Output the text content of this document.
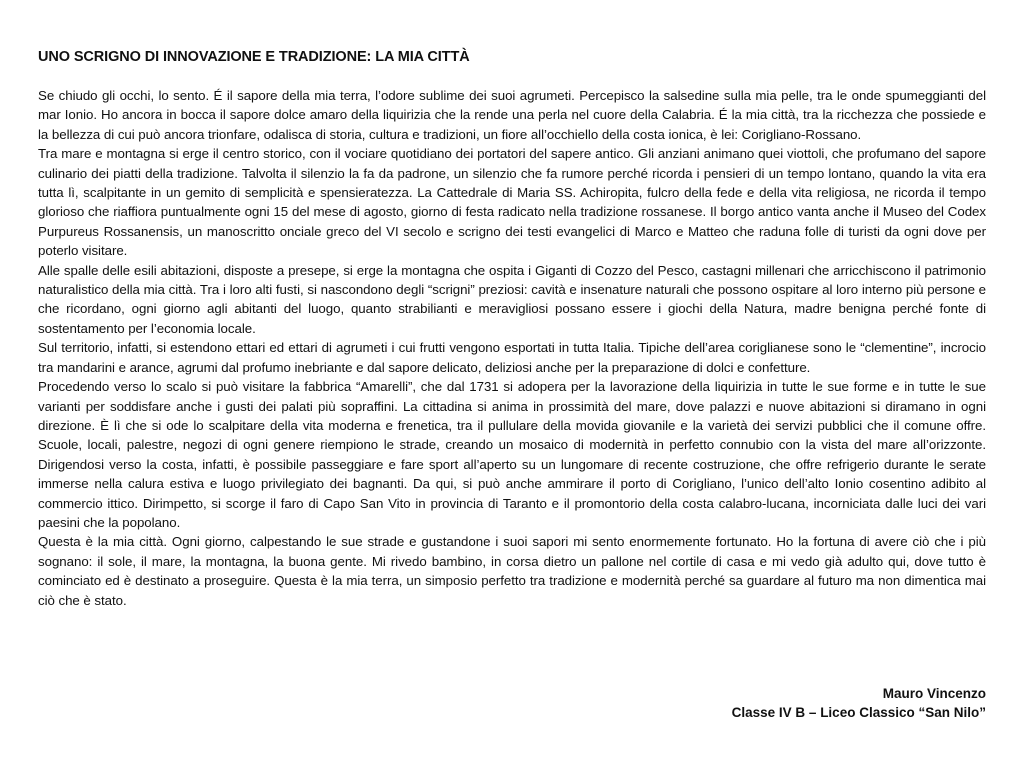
UNO SCRIGNO DI INNOVAZIONE E TRADIZIONE: LA MIA CITTÀ

Se chiudo gli occhi, lo sento. É il sapore della mia terra, l’odore sublime dei suoi agrumeti. Percepisco la salsedine sulla mia pelle, tra le onde spumeggianti del mar Ionio. Ho ancora in bocca il sapore dolce amaro della liquirizia che la rende una perla nel cuore della Calabria. É la mia città, tra la ricchezza che possiede e la bellezza di cui può ancora trionfare, odalisca di storia, cultura e tradizioni, un fiore all’occhiello della costa ionica, è lei: Corigliano-Rossano.

Tra mare e montagna si erge il centro storico, con il vociare quotidiano dei portatori del sapere antico. Gli anziani animano quei viottoli, che profumano del sapore culinario dei piatti della tradizione. Talvolta il silenzio la fa da padrone, un silenzio che fa rumore perché ricorda i pensieri di un tempo lontano, quando la vita era tutta lì, scalpitante in un gemito di semplicità e spensieratezza. La Cattedrale di Maria SS. Achiropita, fulcro della fede e della vita religiosa, ne ricorda il tempo glorioso che riaffiora puntualmente ogni 15 del mese di agosto, giorno di festa radicato nella tradizione rossanese. Il borgo antico vanta anche il Museo del Codex Purpureus Rossanensis, un manoscritto onciale greco del VI secolo e scrigno dei testi evangelici di Marco e Matteo che raduna folle di turisti da ogni dove per poterlo visitare.

Alle spalle delle esili abitazioni, disposte a presepe, si erge la montagna che ospita i Giganti di Cozzo del Pesco, castagni millenari che arricchiscono il patrimonio naturalistico della mia città. Tra i loro alti fusti, si nascondono degli “scrigni” preziosi: cavità e insenature naturali che possono ospitare al loro interno più persone e che ricordano, ogni giorno agli abitanti del luogo, quanto strabilianti e meravigliosi possano essere i giochi della Natura, madre benigna perché fonte di sostentamento per l’economia locale.

Sul territorio, infatti, si estendono ettari ed ettari di agrumeti i cui frutti vengono esportati in tutta Italia. Tipiche dell’area coriglianese sono le “clementine”, incrocio tra mandarini e arance, agrumi dal profumo inebriante e dal sapore delicato, deliziosi anche per la preparazione di dolci e confetture.

Procedendo verso lo scalo si può visitare la fabbrica “Amarelli”, che dal 1731 si adopera per la lavorazione della liquirizia in tutte le sue forme e in tutte le sue varianti per soddisfare anche i gusti dei palati più sopraffini. La cittadina si anima in prossimità del mare, dove palazzi e nuove abitazioni si diramano in ogni direzione. È lì che si ode lo scalpitare della vita moderna e frenetica, tra il pullulare della movida giovanile e la varietà dei servizi pubblici che il comune offre. Scuole, locali, palestre, negozi di ogni genere riempiono le strade, creando un mosaico di modernità in perfetto connubio con la vista del mare all’orizzonte. Dirigendosi verso la costa, infatti, è possibile passeggiare e fare sport all’aperto su un lungomare di recente costruzione, che offre refrigerio durante le serate immerse nella calura estiva e luogo privilegiato dei bagnanti. Da qui, si può anche ammirare il porto di Corigliano, l’unico dell’alto Ionio cosentino adibito al commercio ittico. Dirimpetto, si scorge il faro di Capo San Vito in provincia di Taranto e il promontorio della costa calabro-lucana, incorniciata dalle luci dei vari paesini che la popolano.

Questa è la mia città. Ogni giorno, calpestando le sue strade e gustandone i suoi sapori mi sento enormemente fortunato. Ho la fortuna di avere ciò che i più sognano: il sole, il mare, la montagna, la buona gente. Mi rivedo bambino, in corsa dietro un pallone nel cortile di casa e mi vedo già adulto qui, dove tutto è cominciato ed è destinato a proseguire. Questa è la mia terra, un simposio perfetto tra tradizione e modernità perché sa guardare al futuro ma non dimentica mai ciò che è stato.

Mauro Vincenzo
Classe IV B – Liceo Classico “San Nilo”
